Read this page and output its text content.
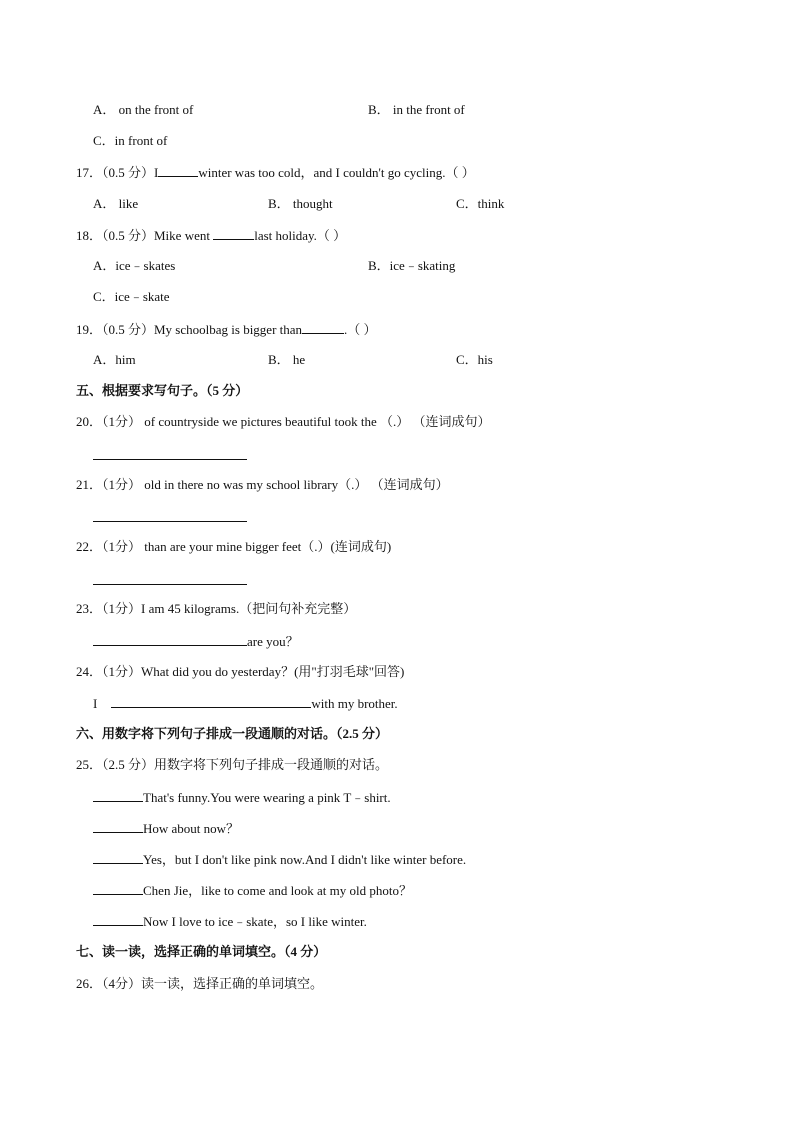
A． on the front of	B． in the front of
C．in front of
17．（0.5 分）I	winter was too cold，and I couldn't go cycling.（ ）
A． like	B． thought	C．think
18．（0.5 分）Mike went	last holiday.（ ）
A．ice﹣skates	B．ice﹣skating
C．ice﹣skate
19．（0.5 分）My schoolbag is bigger than	.（ ）
A．him	B． he	C．his
五、根据要求写句子。（5 分）
20．（1分） of countryside we pictures beautiful took the （.） （连词成句）
21．（1分） old in there no was my school library（.） （连词成句）
22．（1分） than are your mine bigger feet（.）(连词成句)
23．（1分）I am 45 kilograms.（把问句补充完整）
are you？
24．（1分）What did you do yesterday？(用"打羽毛球"回答)
I	with my brother.
六、用数字将下列句子排成一段通顺的对话。（2.5 分）
25．（2.5 分）用数字将下列句子排成一段通顺的对话。
That's funny.You were wearing a pink T﹣shirt.
How about now？
Yes，but I don't like pink now.And I didn't like winter before.
Chen Jie，like to come and look at my old photo？
Now I love to ice﹣skate，so I like winter.
七、读一读，选择正确的单词填空。（4 分）
26．（4分）读一读，选择正确的单词填空。
